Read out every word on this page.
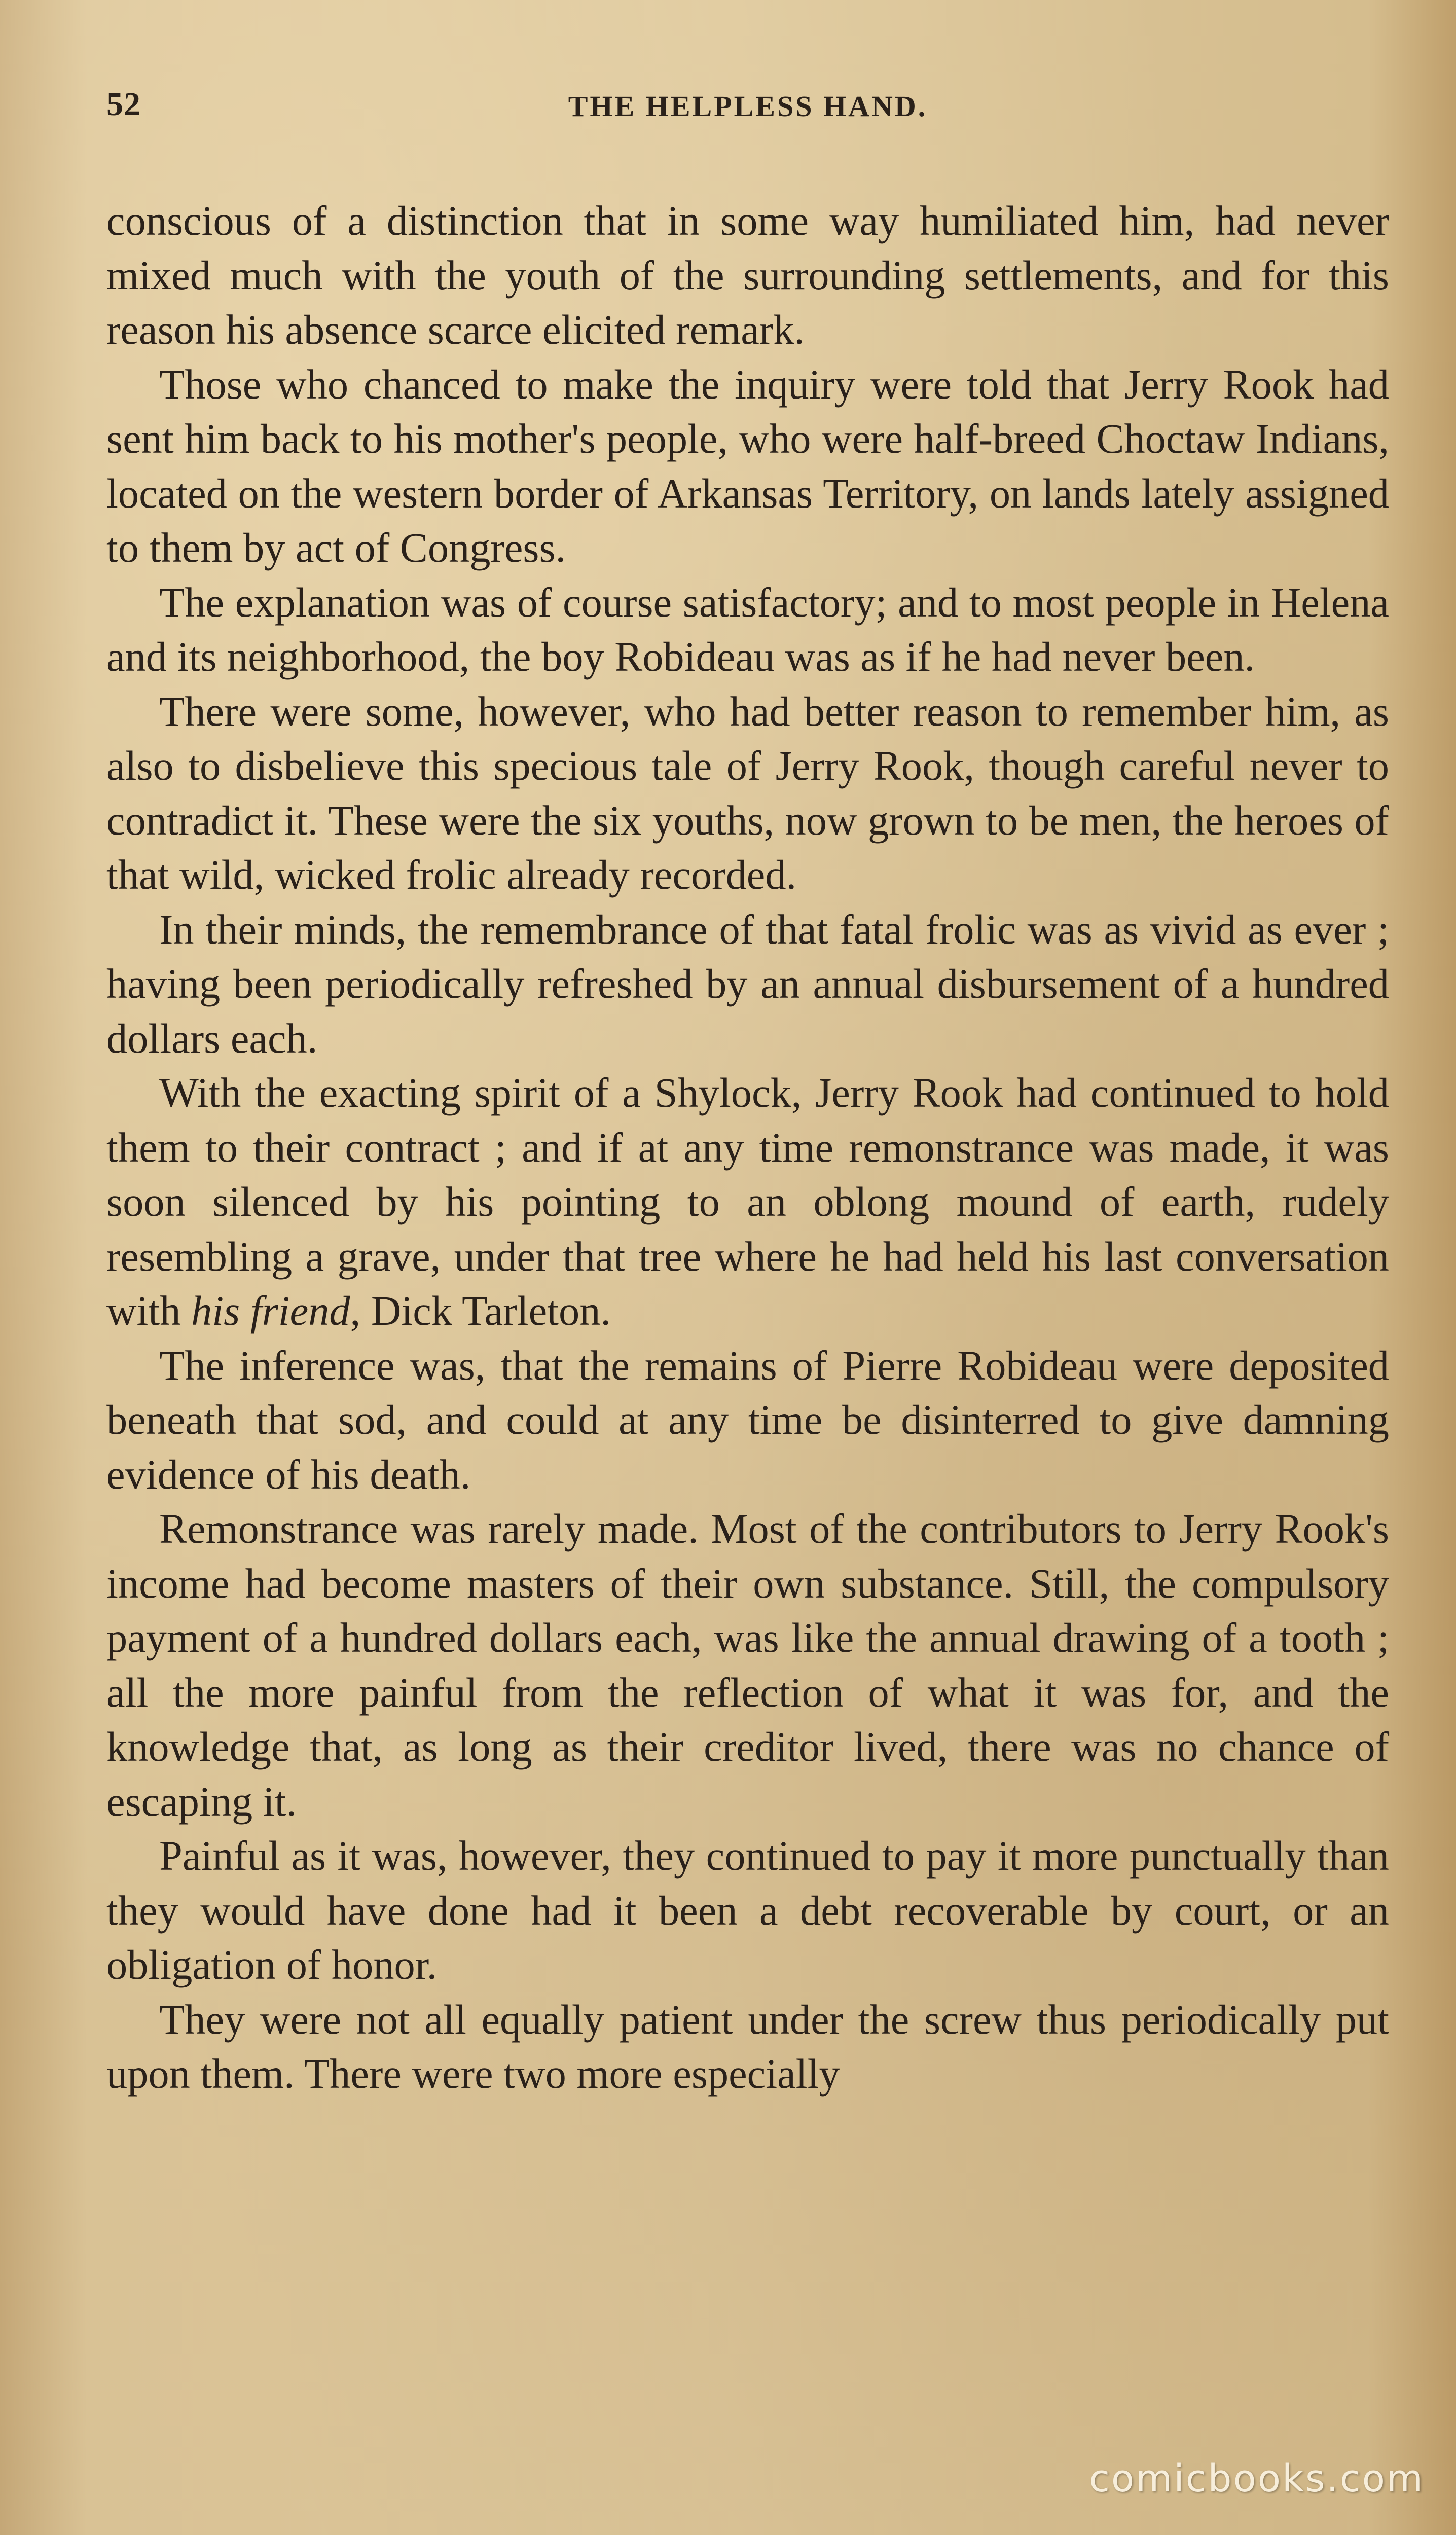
52	THE HELPLESS HAND.

conscious of a distinction that in some way humiliated him, had never mixed much with the youth of the surrounding settlements, and for this reason his absence scarce elicited remark.

Those who chanced to make the inquiry were told that Jerry Rook had sent him back to his mother's people, who were half-breed Choctaw Indians, located on the western border of Arkansas Territory, on lands lately assigned to them by act of Congress.

The explanation was of course satisfactory; and to most people in Helena and its neighborhood, the boy Robideau was as if he had never been.

There were some, however, who had better reason to remember him, as also to disbelieve this specious tale of Jerry Rook, though careful never to contradict it. These were the six youths, now grown to be men, the heroes of that wild, wicked frolic already recorded.

In their minds, the remembrance of that fatal frolic was as vivid as ever ; having been periodically refreshed by an annual disbursement of a hundred dollars each.

With the exacting spirit of a Shylock, Jerry Rook had continued to hold them to their contract ; and if at any time remonstrance was made, it was soon silenced by his pointing to an oblong mound of earth, rudely resembling a grave, under that tree where he had held his last conversation with his friend, Dick Tarleton.

The inference was, that the remains of Pierre Robideau were deposited beneath that sod, and could at any time be disinterred to give damning evidence of his death.

Remonstrance was rarely made. Most of the contributors to Jerry Rook's income had become masters of their own substance. Still, the compulsory payment of a hundred dollars each, was like the annual drawing of a tooth ; all the more painful from the reflection of what it was for, and the knowledge that, as long as their creditor lived, there was no chance of escaping it.

Painful as it was, however, they continued to pay it more punctually than they would have done had it been a debt recoverable by court, or an obligation of honor.

They were not all equally patient under the screw thus periodically put upon them. There were two more especially

comicbooks.com
